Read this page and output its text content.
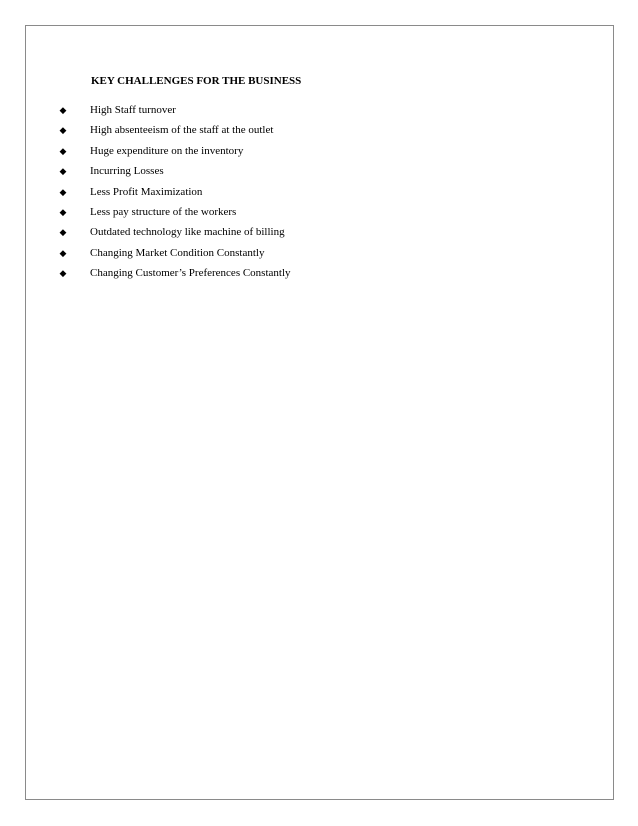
KEY CHALLENGES FOR THE BUSINESS
◆ High Staff turnover
◆ High absenteeism of the staff at the outlet
◆ Huge expenditure on the inventory
◆ Incurring Losses
◆ Less Profit Maximization
◆ Less pay structure of the workers
◆ Outdated technology like machine of billing
◆ Changing Market Condition Constantly
◆ Changing Customer’s Preferences Constantly
